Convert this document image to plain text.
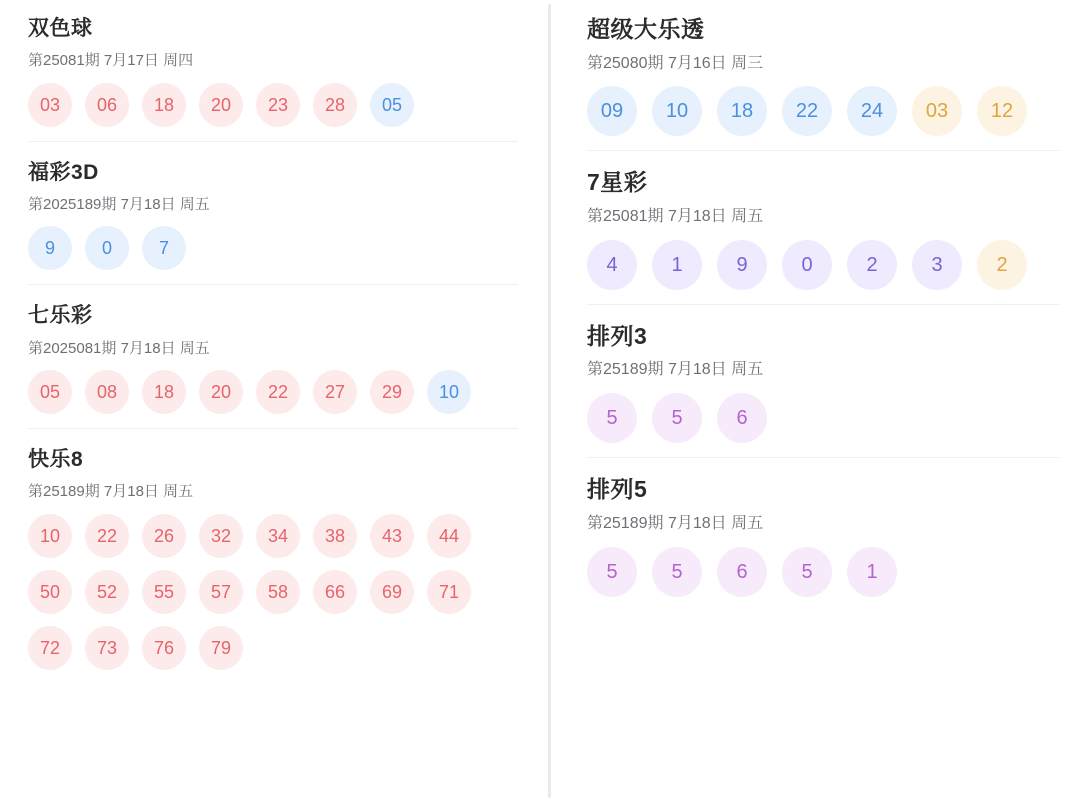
双色球
第25081期 7月17日 周四
03	06	18	20	23	28	05
福彩3D
第2025189期 7月18日 周五
9	0	7
七乐彩
第2025081期 7月18日 周五
05	08	18	20	22	27	29	10
快乐8
第25189期 7月18日 周五
10	22	26	32	34	38	43	44
50	52	55	57	58	66	69	71
72	73	76	79
超级大乐透
第25080期 7月16日 周三
09	10	18	22	24	03	12
7星彩
第25081期 7月18日 周五
4	1	9	0	2	3	2
排列3
第25189期 7月18日 周五
5	5	6
排列5
第25189期 7月18日 周五
5	5	6	5	1
